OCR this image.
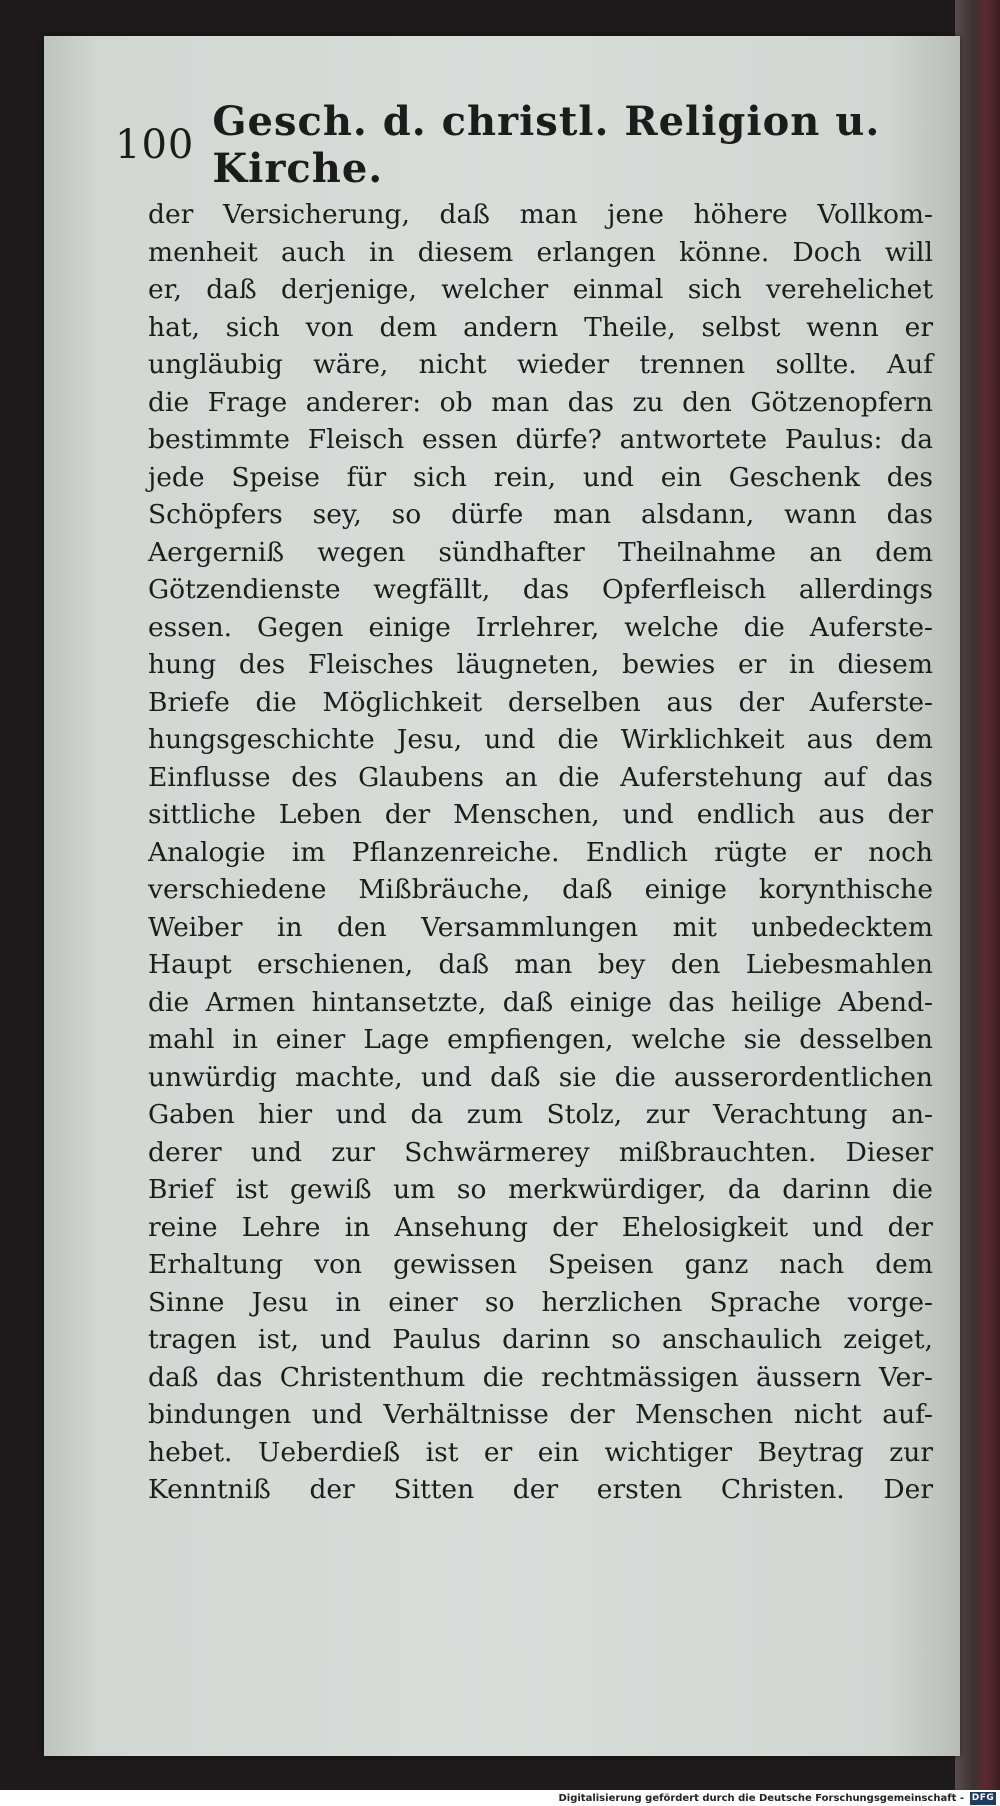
100 Gesch. d. christl. Religion u. Kirche.
der Versicherung, daß man jene höhere Vollkom-
menheit auch in diesem erlangen könne. Doch will
er, daß derjenige, welcher einmal sich verehelichet
hat, sich von dem andern Theile, selbst wenn er
ungläubig wäre, nicht wieder trennen sollte. Auf
die Frage anderer: ob man das zu den Götzenopfern
bestimmte Fleisch essen dürfe? antwortete Paulus: da
jede Speise für sich rein, und ein Geschenk des
Schöpfers sey, so dürfe man alsdann, wann das
Aergerniß wegen sündhafter Theilnahme an dem
Götzendienste wegfällt, das Opferfleisch allerdings
essen. Gegen einige Irrlehrer, welche die Auferste-
hung des Fleisches läugneten, bewies er in diesem
Briefe die Möglichkeit derselben aus der Auferste-
hungsgeschichte Jesu, und die Wirklichkeit aus dem
Einflusse des Glaubens an die Auferstehung auf das
sittliche Leben der Menschen, und endlich aus der
Analogie im Pflanzenreiche. Endlich rügte er noch
verschiedene Mißbräuche, daß einige korynthische
Weiber in den Versammlungen mit unbedecktem
Haupt erschienen, daß man bey den Liebesmahlen
die Armen hintansetzte, daß einige das heilige Abend-
mahl in einer Lage empfiengen, welche sie desselben
unwürdig machte, und daß sie die ausserordentlichen
Gaben hier und da zum Stolz, zur Verachtung an-
derer und zur Schwärmerey mißbrauchten. Dieser
Brief ist gewiß um so merkwürdiger, da darinn die
reine Lehre in Ansehung der Ehelosigkeit und der
Erhaltung von gewissen Speisen ganz nach dem
Sinne Jesu in einer so herzlichen Sprache vorge-
tragen ist, und Paulus darinn so anschaulich zeiget,
daß das Christenthum die rechtmässigen äussern Ver-
bindungen und Verhältnisse der Menschen nicht auf-
hebet. Ueberdieß ist er ein wichtiger Beytrag zur
Kenntniß der Sitten der ersten Christen. Der
Digitalisierung gefördert durch die Deutsche Forschungsgemeinschaft - DFG
